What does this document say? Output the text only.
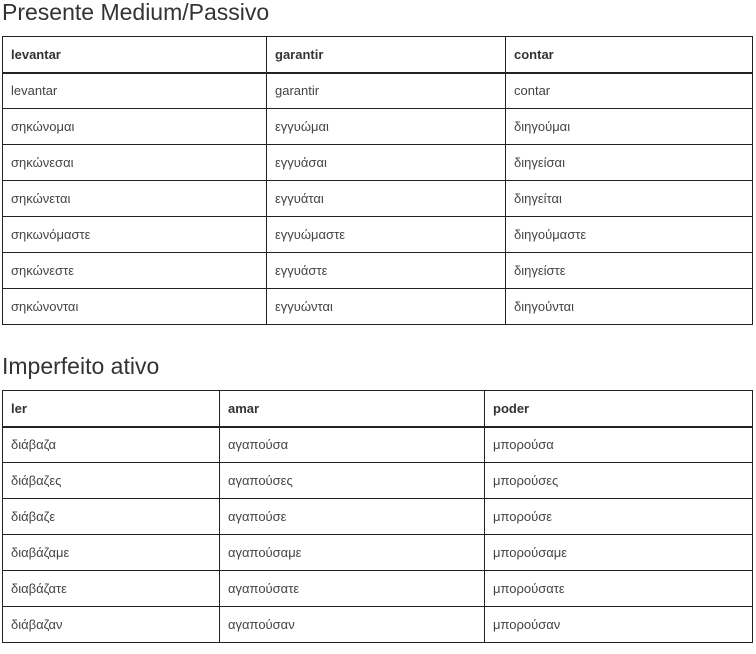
Presente Medium/Passivo
levantar	garantir	contar
levantar	garantir	contar
σηκώνομαι	εγγυώμαι	διηγούμαι
σηκώνεσαι	εγγυάσαι	διηγείσαι
σηκώνεται	εγγυάται	διηγείται
σηκωνόμαστε	εγγυώμαστε	διηγούμαστε
σηκώνεστε	εγγυάστε	διηγείστε
σηκώνονται	εγγυώνται	διηγούνται
Imperfeito ativo
ler	amar	poder
διάβαζα	αγαπούσα	μπορούσα
διάβαζες	αγαπούσες	μπορούσες
διάβαζε	αγαπούσε	μπορούσε
διαβάζαμε	αγαπούσαμε	μπορούσαμε
διαβάζατε	αγαπούσατε	μπορούσατε
διάβαζαν	αγαπούσαν	μπορούσαν
